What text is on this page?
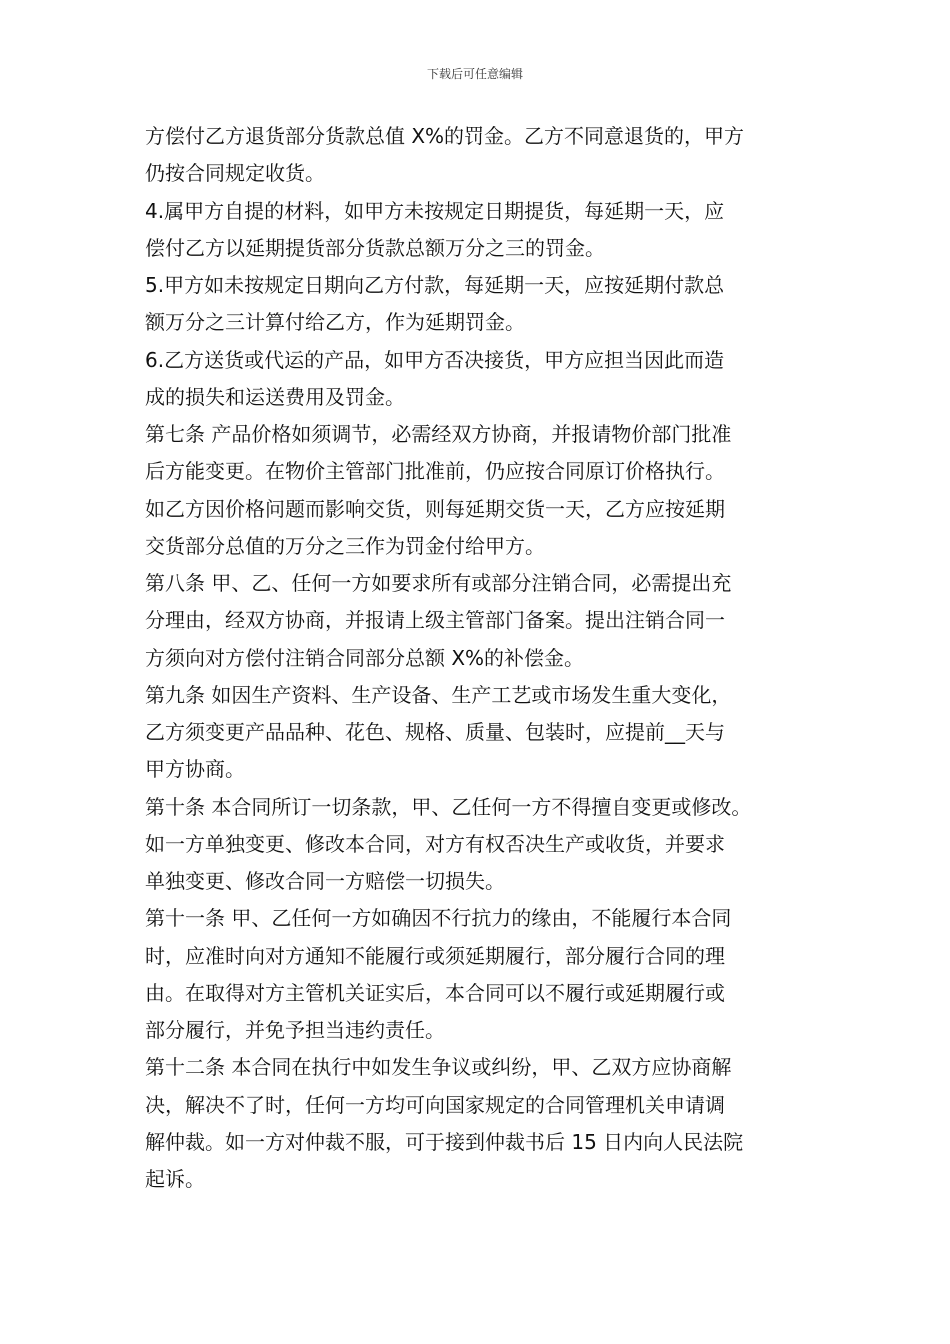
下载后可任意编辑
方偿付乙方退货部分货款总值 X%的罚金。乙方不同意退货的，甲方
仍按合同规定收货。
4.属甲方自提的材料，如甲方未按规定日期提货，每延期一天，应
偿付乙方以延期提货部分货款总额万分之三的罚金。
5.甲方如未按规定日期向乙方付款，每延期一天，应按延期付款总
额万分之三计算付给乙方，作为延期罚金。
6.乙方送货或代运的产品，如甲方否决接货，甲方应担当因此而造
成的损失和运送费用及罚金。
第七条 产品价格如须调节，必需经双方协商，并报请物价部门批准
后方能变更。在物价主管部门批准前，仍应按合同原订价格执行。
如乙方因价格问题而影响交货，则每延期交货一天，乙方应按延期
交货部分总值的万分之三作为罚金付给甲方。
第八条 甲、乙、任何一方如要求所有或部分注销合同，必需提出充
分理由，经双方协商，并报请上级主管部门备案。提出注销合同一
方须向对方偿付注销合同部分总额 X%的补偿金。
第九条 如因生产资料、生产设备、生产工艺或市场发生重大变化，
乙方须变更产品品种、花色、规格、质量、包装时，应提前__天与
甲方协商。
第十条 本合同所订一切条款，甲、乙任何一方不得擅自变更或修改。
如一方单独变更、修改本合同，对方有权否决生产或收货，并要求
单独变更、修改合同一方赔偿一切损失。
第十一条 甲、乙任何一方如确因不行抗力的缘由，不能履行本合同
时，应准时向对方通知不能履行或须延期履行，部分履行合同的理
由。在取得对方主管机关证实后，本合同可以不履行或延期履行或
部分履行，并免予担当违约责任。
第十二条 本合同在执行中如发生争议或纠纷，甲、乙双方应协商解
决，解决不了时，任何一方均可向国家规定的合同管理机关申请调
解仲裁。如一方对仲裁不服，可于接到仲裁书后 15 日内向人民法院
起诉。
